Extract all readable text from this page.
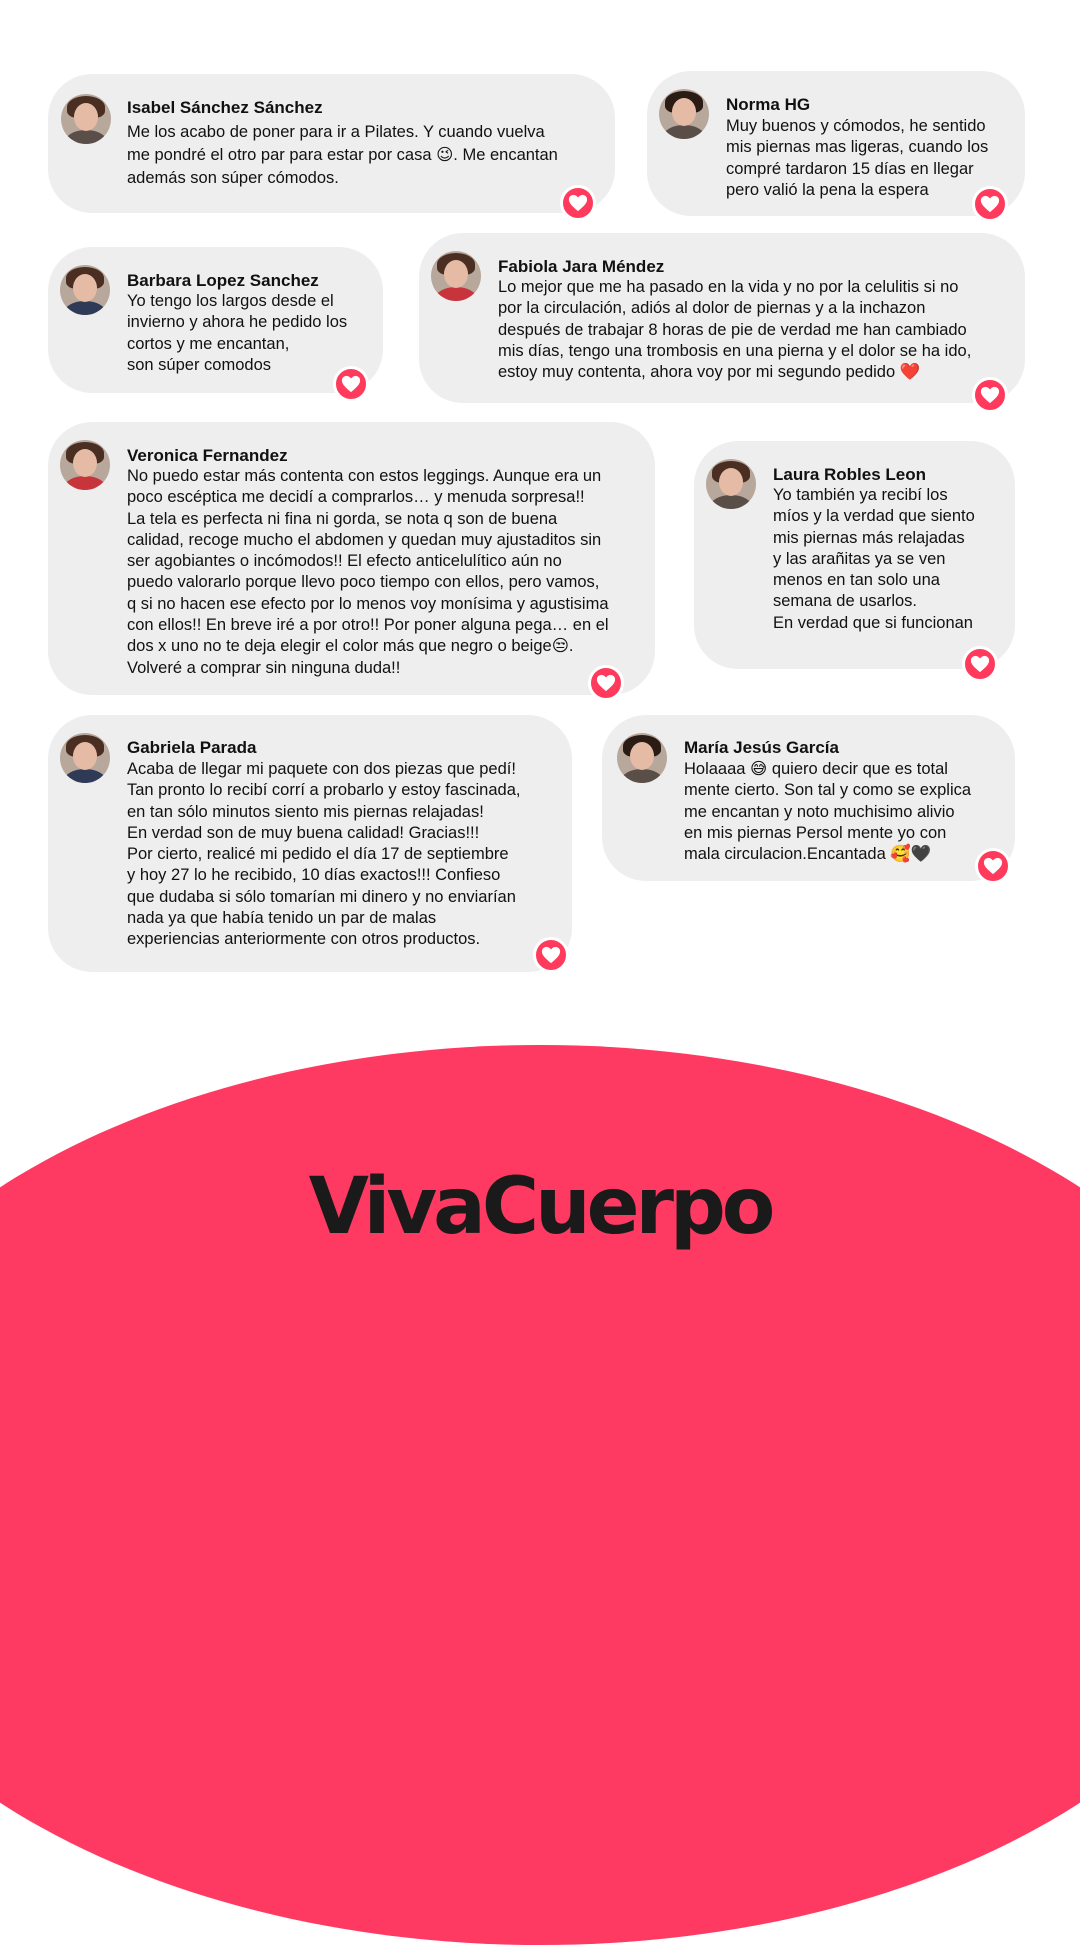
Isabel Sánchez Sánchez
Me los acabo de poner para ir a Pilates. Y cuando vuelva
me pondré el otro par para estar por casa 😉. Me encantan
además son súper cómodos.
Norma HG
Muy buenos y cómodos, he sentido
mis piernas mas ligeras, cuando los
compré tardaron 15 días en llegar
pero valió la pena la espera
Barbara Lopez Sanchez
Yo tengo los largos desde el
invierno y ahora he pedido los
cortos y me encantan,
son súper comodos
Fabiola Jara Méndez
Lo mejor que me ha pasado en la vida y no por la celulitis si no
por la circulación, adiós al dolor de piernas y a la inchazon
después de trabajar 8 horas de pie de verdad me han cambiado
mis días, tengo una trombosis en una pierna y el dolor se ha ido,
estoy muy contenta, ahora voy por mi segundo pedido ❤️
Veronica Fernandez
No puedo estar más contenta con estos leggings. Aunque era un
poco escéptica me decidí a comprarlos… y menuda sorpresa!!
La tela es perfecta ni fina ni gorda, se nota q son de buena
calidad, recoge mucho el abdomen y quedan muy ajustaditos sin
ser agobiantes o incómodos!! El efecto anticelulítico aún no
puedo valorarlo porque llevo poco tiempo con ellos, pero vamos,
q si no hacen ese efecto por lo menos voy monísima y agustisima
con ellos!! En breve iré a por otro!! Por poner alguna pega… en el
dos x uno no te deja elegir el color más que negro o beige😒.
Volveré a comprar sin ninguna duda!!
Laura Robles Leon
Yo también ya recibí los
míos y la verdad que siento
mis piernas más relajadas
y las arañitas ya se ven
menos en tan solo una
semana de usarlos.
En verdad que si funcionan
Gabriela Parada
Acaba de llegar mi paquete con dos piezas que pedí!
Tan pronto lo recibí corrí a probarlo y estoy fascinada,
en tan sólo minutos siento mis piernas relajadas!
En verdad son de muy buena calidad! Gracias!!!
Por cierto, realicé mi pedido el día 17 de septiembre
y hoy 27 lo he recibido, 10 días exactos!!! Confieso
que dudaba si sólo tomarían mi dinero y no enviarían
nada ya que había tenido un par de malas
experiencias anteriormente con otros productos.
María Jesús García
Holaaaa 😅 quiero decir que es total
mente cierto. Son tal y como se explica
me encantan y noto muchisimo alivio
en mis piernas Persol mente yo con
mala circulacion.Encantada 🥰🖤
VivaCuerpo
